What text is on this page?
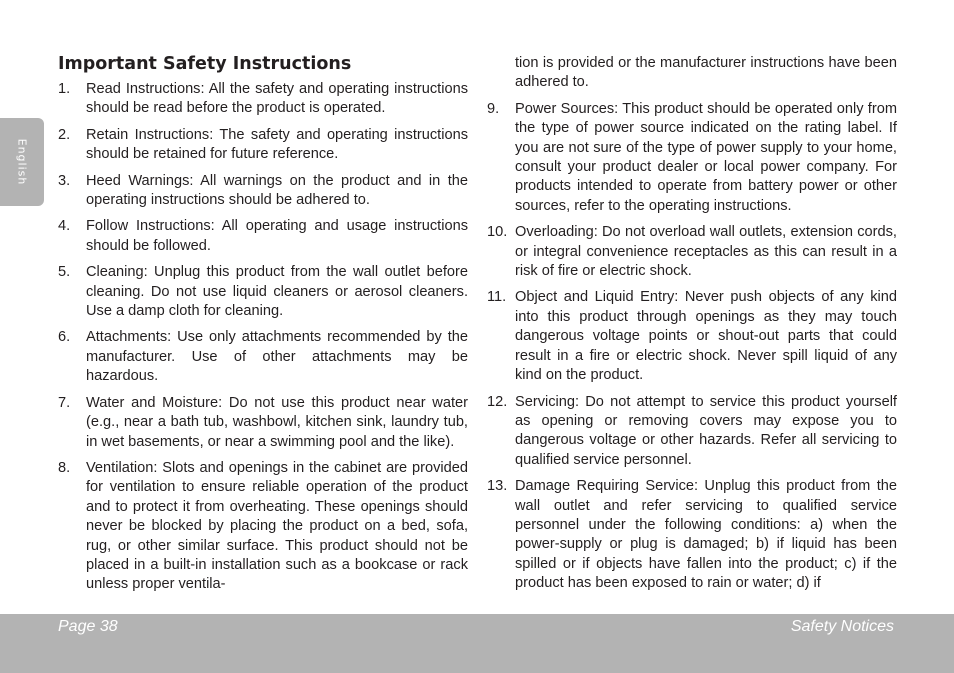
English
Important Safety Instructions
1. Read Instructions: All the safety and operating instructions should be read before the product is operated.
2. Retain Instructions: The safety and operating instructions should be retained for future reference.
3. Heed Warnings: All warnings on the product and in the operating instructions should be adhered to.
4. Follow Instructions: All operating and usage instructions should be followed.
5. Cleaning: Unplug this product from the wall outlet before cleaning. Do not use liquid cleaners or aerosol cleaners. Use a damp cloth for cleaning.
6. Attachments: Use only attachments recommended by the manufacturer. Use of other attachments may be hazardous.
7. Water and Moisture: Do not use this product near water (e.g., near a bath tub, washbowl, kitchen sink, laundry tub, in wet basements, or near a swimming pool and the like).
8. Ventilation: Slots and openings in the cabinet are provided for ventilation to ensure reliable operation of the product and to protect it from overheating. These openings should never be blocked by placing the product on a bed, sofa, rug, or other similar surface. This product should not be placed in a built-in installation such as a bookcase or rack unless proper ventila-
tion is provided or the manufacturer instructions have been adhered to.
9. Power Sources: This product should be operated only from the type of power source indicated on the rating label. If you are not sure of the type of power supply to your home, consult your product dealer or local power company. For products intended to operate from battery power or other sources, refer to the operating instructions.
10. Overloading: Do not overload wall outlets, extension cords, or integral convenience receptacles as this can result in a risk of fire or electric shock.
11. Object and Liquid Entry: Never push objects of any kind into this product through openings as they may touch dangerous voltage points or shout-out parts that could result in a fire or electric shock. Never spill liquid of any kind on the product.
12. Servicing: Do not attempt to service this product yourself as opening or removing covers may expose you to dangerous voltage or other hazards. Refer all servicing to qualified service personnel.
13. Damage Requiring Service: Unplug this product from the wall outlet and refer servicing to qualified service personnel under the following conditions: a) when the power-supply or plug is damaged; b) if liquid has been spilled or if objects have fallen into the product; c) if the product has been exposed to rain or water; d) if
Page 38	Safety Notices
